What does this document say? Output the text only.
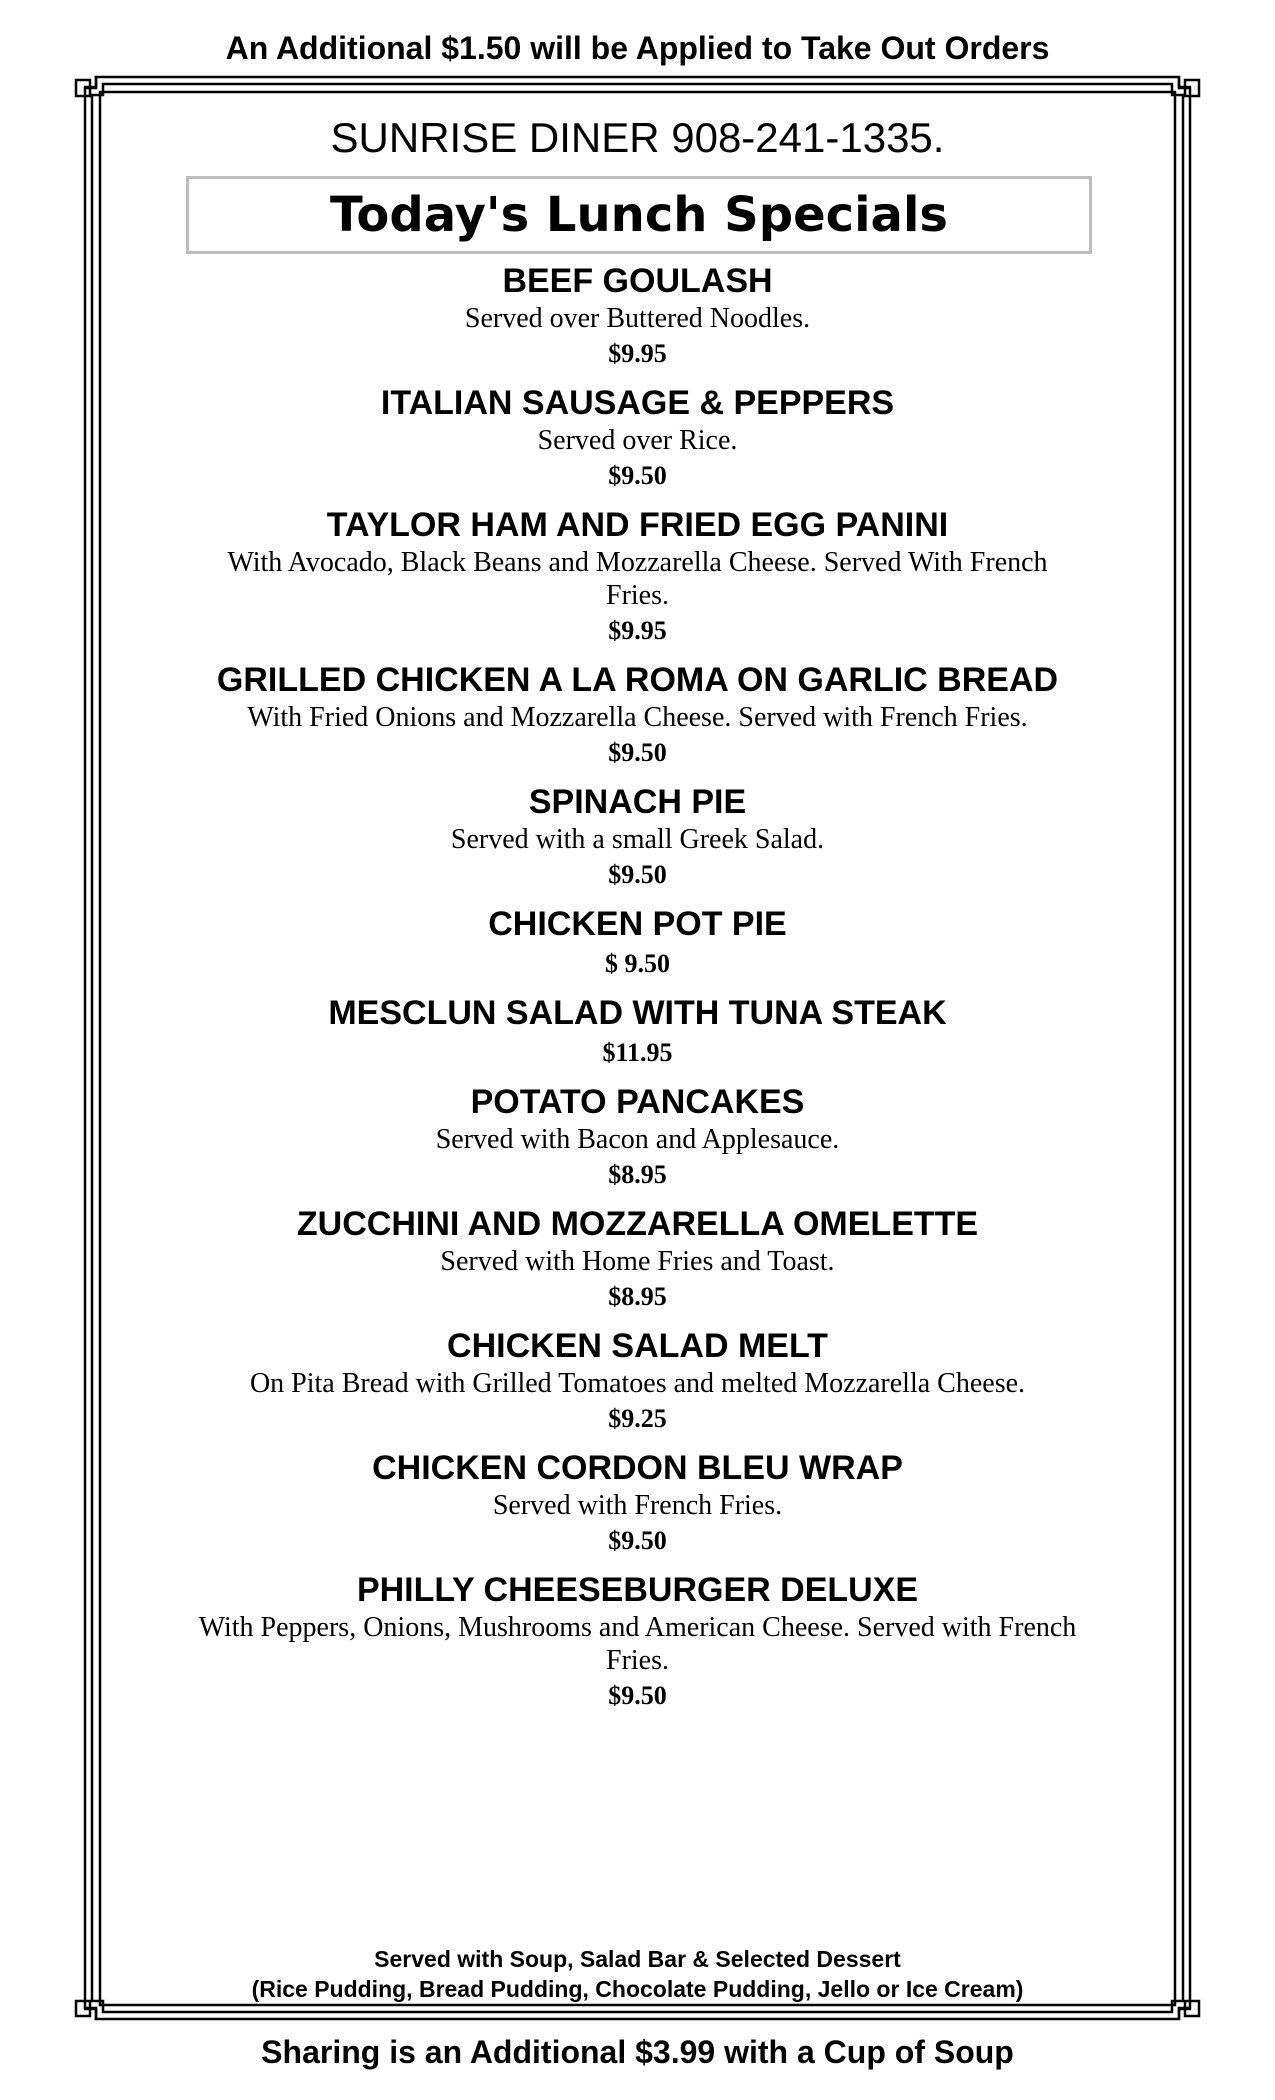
An Additional $1.50 will be Applied to Take Out Orders
SUNRISE DINER 908-241-1335.
Today's Lunch Specials
BEEF GOULASH
Served over Buttered Noodles.
$9.95
ITALIAN SAUSAGE & PEPPERS
Served over Rice.
$9.50
TAYLOR HAM AND FRIED EGG PANINI
With Avocado, Black Beans and Mozzarella Cheese. Served With French Fries.
$9.95
GRILLED CHICKEN A LA ROMA ON GARLIC BREAD
With Fried Onions and Mozzarella Cheese. Served with French Fries.
$9.50
SPINACH PIE
Served with a small Greek Salad.
$9.50
CHICKEN POT PIE
$ 9.50
MESCLUN SALAD WITH TUNA STEAK
$11.95
POTATO PANCAKES
Served with Bacon and Applesauce.
$8.95
ZUCCHINI AND MOZZARELLA OMELETTE
Served with Home Fries and Toast.
$8.95
CHICKEN SALAD MELT
On Pita Bread with Grilled Tomatoes and melted Mozzarella Cheese.
$9.25
CHICKEN CORDON BLEU WRAP
Served with French Fries.
$9.50
PHILLY CHEESEBURGER DELUXE
With Peppers, Onions, Mushrooms and American Cheese. Served with French Fries.
$9.50
Served with Soup, Salad Bar & Selected Dessert
(Rice Pudding, Bread Pudding, Chocolate Pudding, Jello or Ice Cream)
Sharing is an Additional $3.99 with a Cup of Soup
